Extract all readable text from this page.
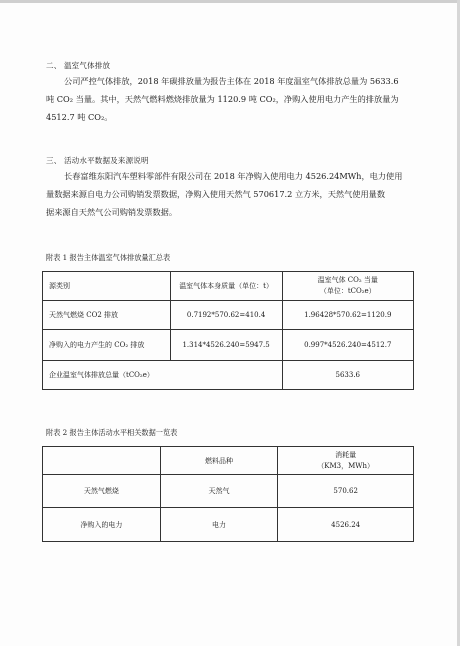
二、 温室气体排放
公司严控气体排放，2018 年碳排放量为报告主体在 2018 年度温室气体排放总量为 5633.6
吨 CO₂ 当量。其中，天然气燃料燃烧排放量为 1120.9 吨 CO₂，净购入使用电力产生的排放量为
4512.7 吨 CO₂。
三、 活动水平数据及来源说明
长春富维东阳汽车塑料零部件有限公司在 2018 年净购入使用电力 4526.24MWh，电力使用
量数据来源自电力公司购销发票数据，净购入使用天然气 570617.2 立方米，天然气使用量数
据来源自天然气公司购销发票数据。
附表 1 报告主体温室气体排放量汇总表
源类别	温室气体本身质量（单位：t）	温室气体 CO₂ 当量
（单位：tCO₂e）

天然气燃烧 CO2 排放	0.7192*570.62=410.4	1.96428*570.62=1120.9
净购入的电力产生的 CO₂ 排放	1.314*4526.240=5947.5	0.997*4526.240=4512.7
企业温室气体排放总量（tCO₂e）		5633.6
附表 2 报告主体活动水平相关数据一览表
	燃料品种	消耗量
（KM3，MWh）

天然气燃烧	天然气	570.62
净购入的电力	电力	4526.24
